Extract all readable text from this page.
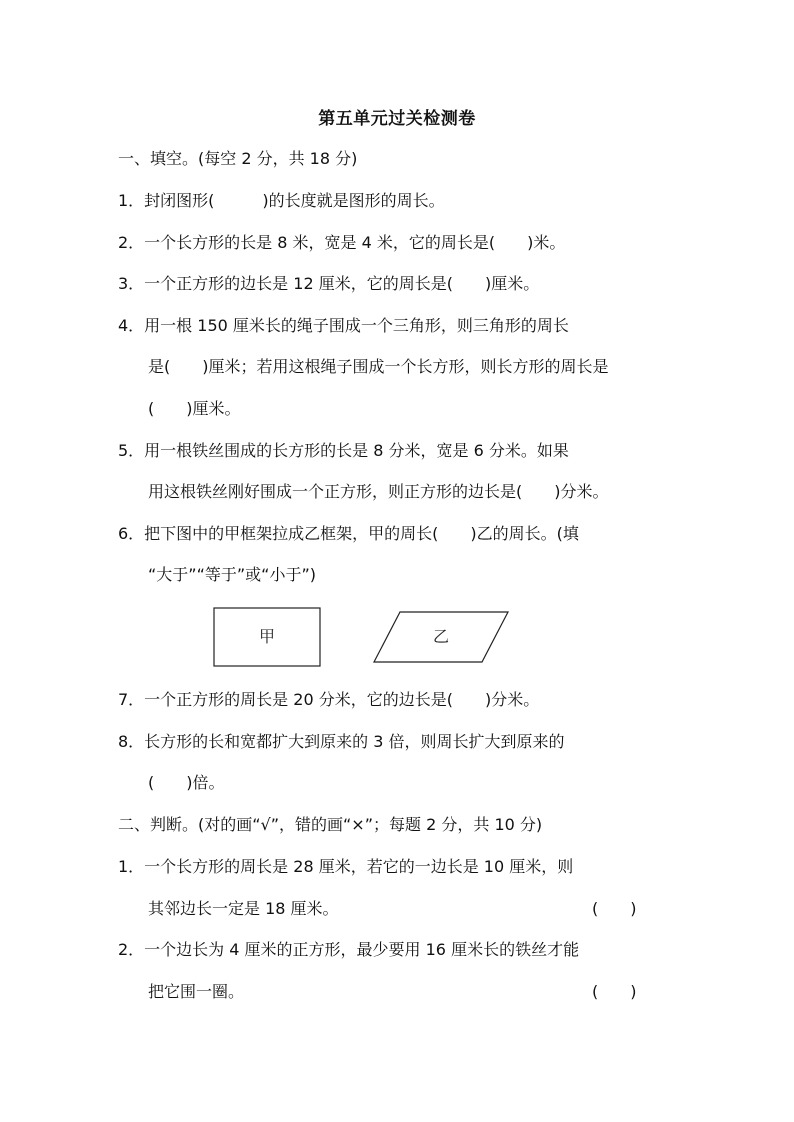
第五单元过关检测卷
一、填空。(每空 2 分，共 18 分)
1．封闭图形(　　　)的长度就是图形的周长。
2．一个长方形的长是 8 米，宽是 4 米，它的周长是(　　)米。
3．一个正方形的边长是 12 厘米，它的周长是(　　)厘米。
4．用一根 150 厘米长的绳子围成一个三角形，则三角形的周长
是(　　)厘米；若用这根绳子围成一个长方形，则长方形的周长是
(　　)厘米。
5．用一根铁丝围成的长方形的长是 8 分米，宽是 6 分米。如果
用这根铁丝刚好围成一个正方形，则正方形的边长是(　　)分米。
6．把下图中的甲框架拉成乙框架，甲的周长(　　)乙的周长。(填
“大于”“等于”或“小于”)
甲	乙
7．一个正方形的周长是 20 分米，它的边长是(　　)分米。
8．长方形的长和宽都扩大到原来的 3 倍，则周长扩大到原来的
(　　)倍。
二、判断。(对的画“√”，错的画“×”；每题 2 分，共 10 分)
1．一个长方形的周长是 28 厘米，若它的一边长是 10 厘米，则
其邻边长一定是 18 厘米。	(　　)
2．一个边长为 4 厘米的正方形，最少要用 16 厘米长的铁丝才能
把它围一圈。	(　　)
